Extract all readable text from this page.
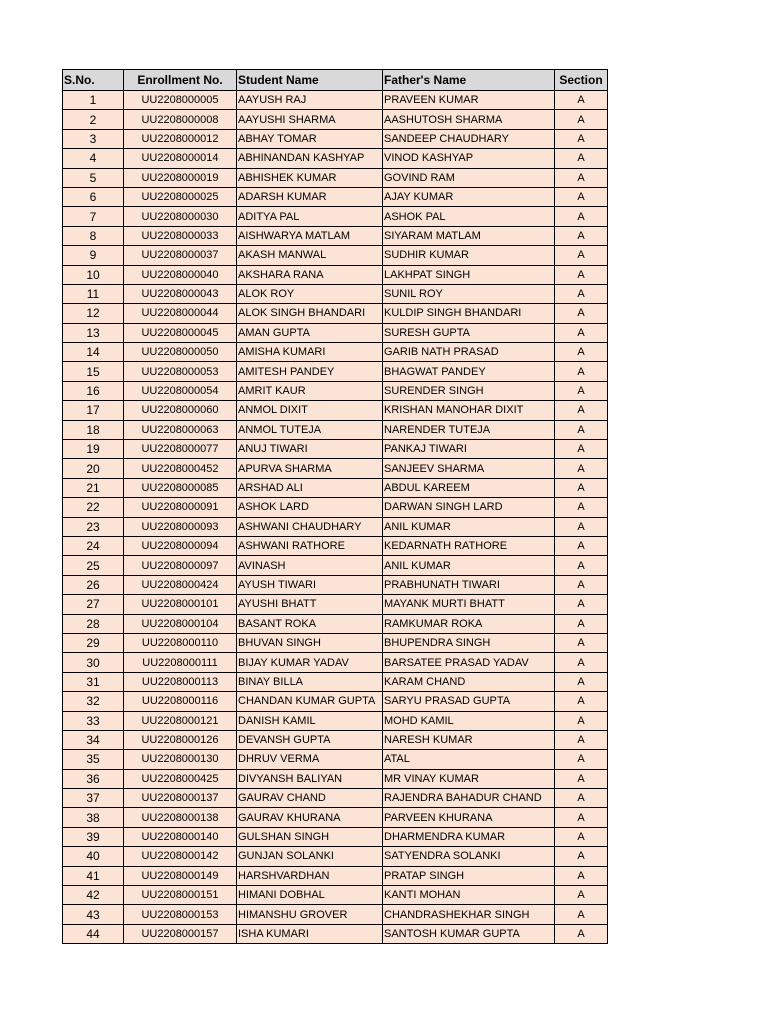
S.No.	Enrollment No.	Student Name	Father's Name	Section
1	UU2208000005	AAYUSH RAJ	PRAVEEN KUMAR	A
2	UU2208000008	AAYUSHI SHARMA	AASHUTOSH SHARMA	A
3	UU2208000012	ABHAY TOMAR	SANDEEP CHAUDHARY	A
4	UU2208000014	ABHINANDAN KASHYAP	VINOD KASHYAP	A
5	UU2208000019	ABHISHEK KUMAR	GOVIND RAM	A
6	UU2208000025	ADARSH KUMAR	AJAY KUMAR	A
7	UU2208000030	ADITYA PAL	ASHOK PAL	A
8	UU2208000033	AISHWARYA MATLAM	SIYARAM MATLAM	A
9	UU2208000037	AKASH MANWAL	SUDHIR KUMAR	A
10	UU2208000040	AKSHARA RANA	LAKHPAT SINGH	A
11	UU2208000043	ALOK ROY	SUNIL ROY	A
12	UU2208000044	ALOK SINGH BHANDARI	KULDIP SINGH BHANDARI	A
13	UU2208000045	AMAN GUPTA	SURESH GUPTA	A
14	UU2208000050	AMISHA KUMARI	GARIB NATH PRASAD	A
15	UU2208000053	AMITESH PANDEY	BHAGWAT PANDEY	A
16	UU2208000054	AMRIT KAUR	SURENDER SINGH	A
17	UU2208000060	ANMOL DIXIT	KRISHAN MANOHAR DIXIT	A
18	UU2208000063	ANMOL TUTEJA	NARENDER TUTEJA	A
19	UU2208000077	ANUJ TIWARI	PANKAJ TIWARI	A
20	UU2208000452	APURVA SHARMA	SANJEEV SHARMA	A
21	UU2208000085	ARSHAD ALI	ABDUL KAREEM	A
22	UU2208000091	ASHOK LARD	DARWAN SINGH LARD	A
23	UU2208000093	ASHWANI CHAUDHARY	ANIL KUMAR	A
24	UU2208000094	ASHWANI RATHORE	KEDARNATH RATHORE	A
25	UU2208000097	AVINASH	ANIL KUMAR	A
26	UU2208000424	AYUSH TIWARI	PRABHUNATH TIWARI	A
27	UU2208000101	AYUSHI BHATT	MAYANK MURTI BHATT	A
28	UU2208000104	BASANT ROKA	RAMKUMAR ROKA	A
29	UU2208000110	BHUVAN SINGH	BHUPENDRA SINGH	A
30	UU2208000111	BIJAY KUMAR YADAV	BARSATEE PRASAD YADAV	A
31	UU2208000113	BINAY BILLA	KARAM CHAND	A
32	UU2208000116	CHANDAN KUMAR GUPTA	SARYU PRASAD GUPTA	A
33	UU2208000121	DANISH KAMIL	MOHD KAMIL	A
34	UU2208000126	DEVANSH GUPTA	NARESH KUMAR	A
35	UU2208000130	DHRUV VERMA	ATAL	A
36	UU2208000425	DIVYANSH BALIYAN	MR VINAY KUMAR	A
37	UU2208000137	GAURAV CHAND	RAJENDRA BAHADUR CHAND	A
38	UU2208000138	GAURAV KHURANA	PARVEEN KHURANA	A
39	UU2208000140	GULSHAN SINGH	DHARMENDRA KUMAR	A
40	UU2208000142	GUNJAN SOLANKI	SATYENDRA SOLANKI	A
41	UU2208000149	HARSHVARDHAN	PRATAP SINGH	A
42	UU2208000151	HIMANI DOBHAL	KANTI MOHAN	A
43	UU2208000153	HIMANSHU GROVER	CHANDRASHEKHAR SINGH	A
44	UU2208000157	ISHA KUMARI	SANTOSH KUMAR GUPTA	A
